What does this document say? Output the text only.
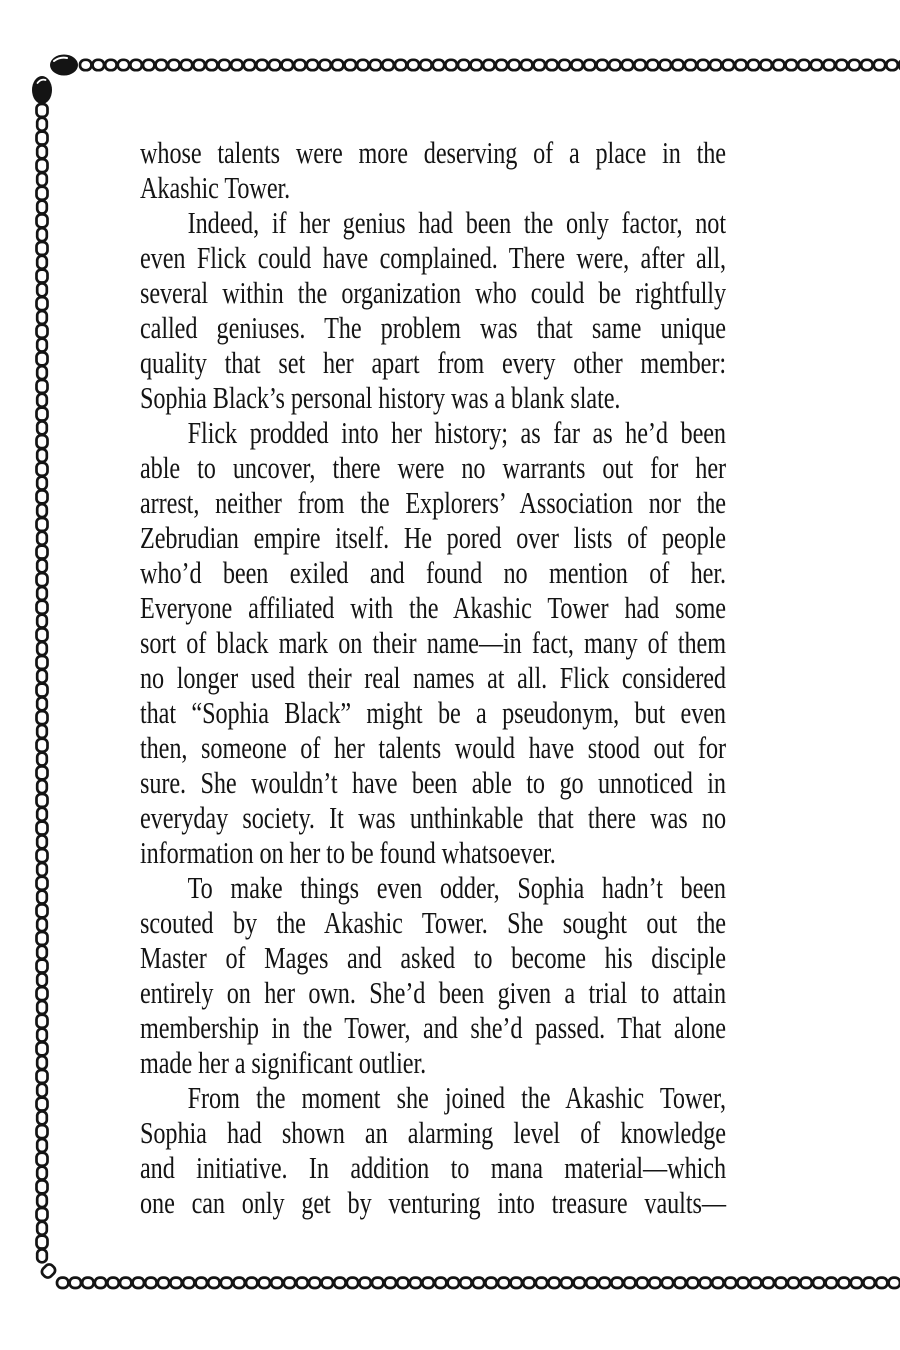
whose talents were more deserving of a place in the
Akashic Tower.
Indeed, if her genius had been the only factor, not
even Flick could have complained. There were, after all,
several within the organization who could be rightfully
called geniuses. The problem was that same unique
quality that set her apart from every other member:
Sophia Black’s personal history was a blank slate.
Flick prodded into her history; as far as he’d been
able to uncover, there were no warrants out for her
arrest, neither from the Explorers’ Association nor the
Zebrudian empire itself. He pored over lists of people
who’d been exiled and found no mention of her.
Everyone affiliated with the Akashic Tower had some
sort of black mark on their name—in fact, many of them
no longer used their real names at all. Flick considered
that “Sophia Black” might be a pseudonym, but even
then, someone of her talents would have stood out for
sure. She wouldn’t have been able to go unnoticed in
everyday society. It was unthinkable that there was no
information on her to be found whatsoever.
To make things even odder, Sophia hadn’t been
scouted by the Akashic Tower. She sought out the
Master of Mages and asked to become his disciple
entirely on her own. She’d been given a trial to attain
membership in the Tower, and she’d passed. That alone
made her a significant outlier.
From the moment she joined the Akashic Tower,
Sophia had shown an alarming level of knowledge
and initiative. In addition to mana material—which
one can only get by venturing into treasure vaults—
